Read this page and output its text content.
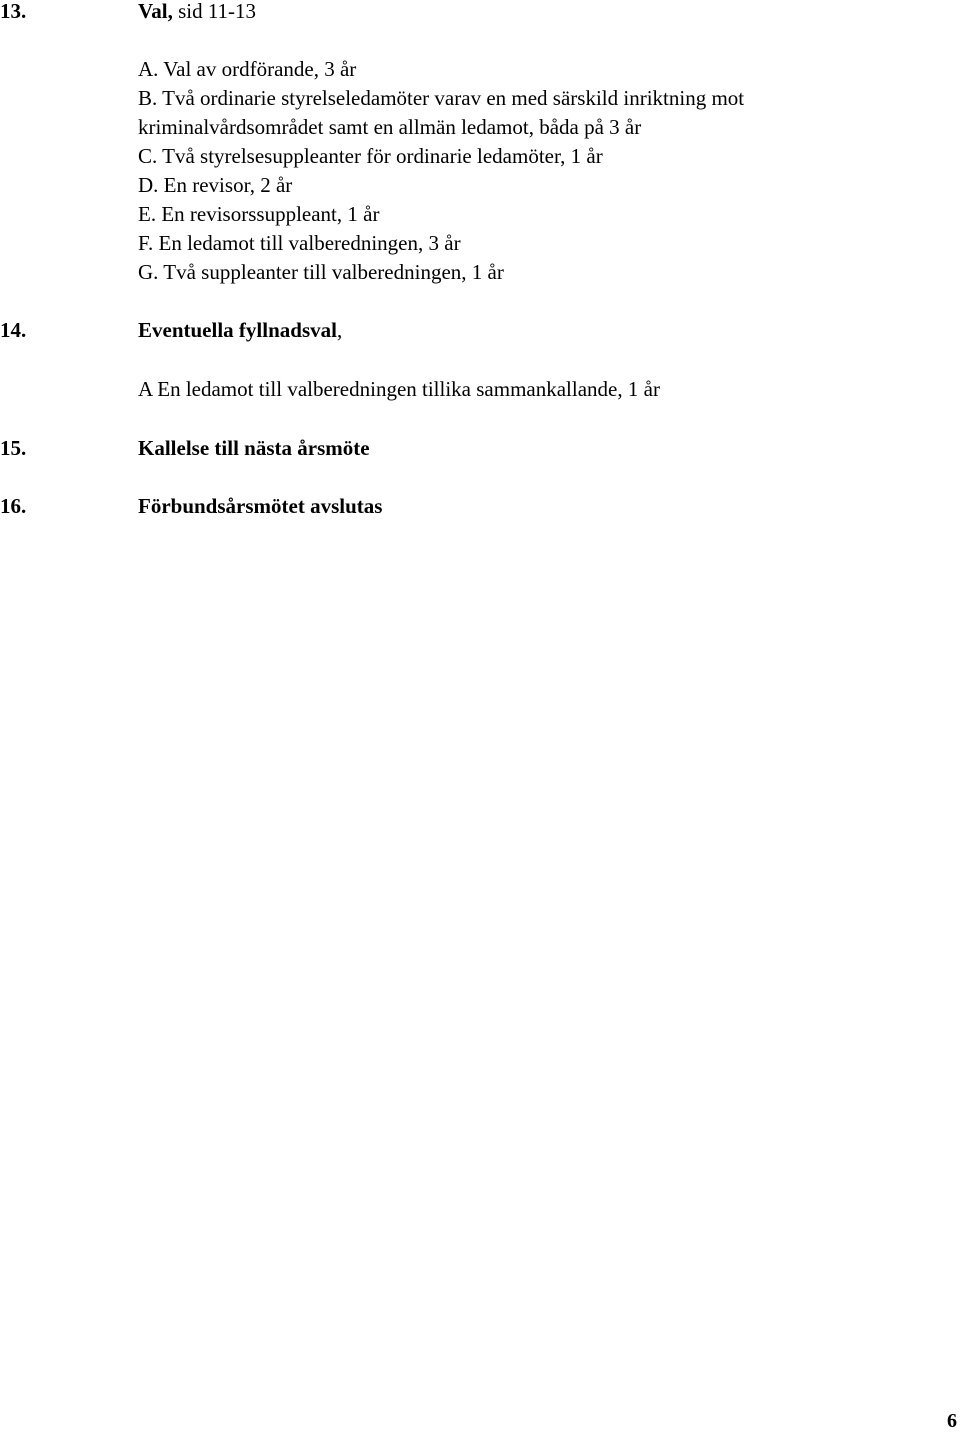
13.	Val, sid 11-13
A. Val av ordförande, 3 år
B. Två ordinarie styrelseledamöter varav en med särskild inriktning mot
kriminalvårdsområdet samt en allmän ledamot, båda på 3 år
C. Två styrelsesuppleanter för ordinarie ledamöter, 1 år
D. En revisor, 2 år
E. En revisorssuppleant, 1 år
F. En ledamot till valberedningen, 3 år
G. Två suppleanter till valberedningen, 1 år
14.	Eventuella fyllnadsval,
A En ledamot till valberedningen tillika sammankallande, 1 år
15.	Kallelse till nästa årsmöte
16.	Förbundsårsmötet avslutas
6
